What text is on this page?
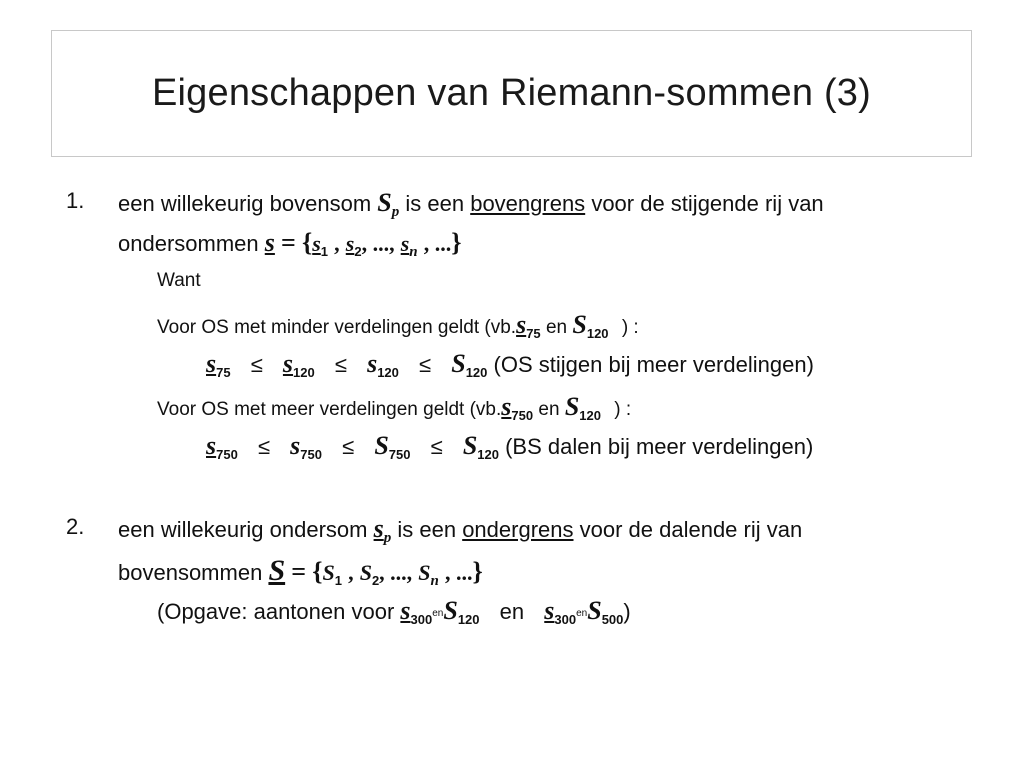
Eigenschappen van Riemann-sommen (3)
1. een willekeurig bovensom Sp is een bovengrens voor de stijgende rij van
ondersommen $s = \{s_1$ , $s_2$, ..., $s_n$ , ...}
Want
Voor OS met minder verdelingen geldt ($vb.s_{75}$ en $S_{120}$ ) :
$s_{75} \le s_{120} \le s_{120} \le S_{120}$ (OS stijgen bij meer verdelingen)
Voor OS met meer verdelingen geldt ($vb.s_{750}$ en $S_{120}$ ) :
$s_{750} \le s_{750} \le S_{750} \le S_{120}$ (BS dalen bij meer verdelingen)
2. een willekeurig ondersom sp is een ondergrens voor de dalende rij van
bovensommen $S = \{S_1$ , $S_2$, ..., $S_n$ , ...}
(Opgave: aantonen voor $s_{300}enS_{120}$ en $s_{300}enS_{500}$)
